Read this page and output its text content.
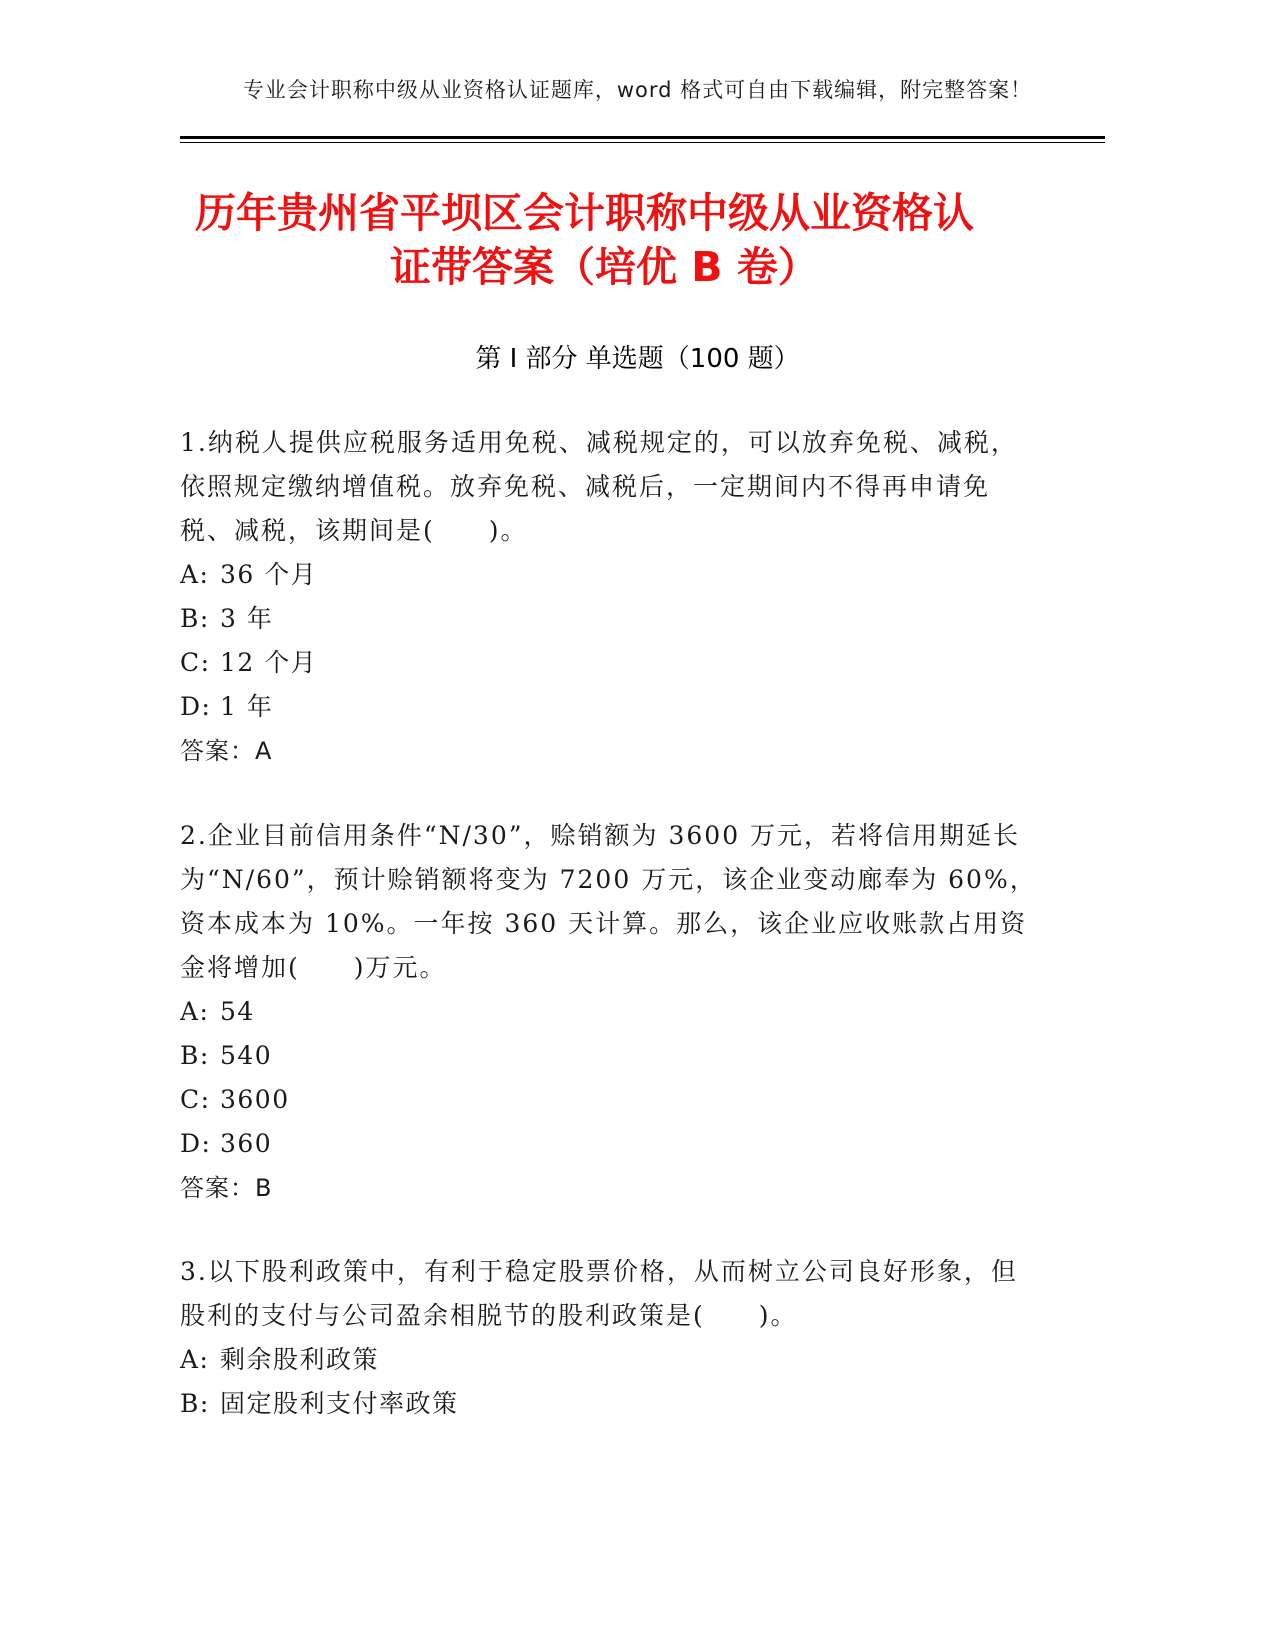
专业会计职称中级从业资格认证题库，word 格式可自由下载编辑，附完整答案！
历年贵州省平坝区会计职称中级从业资格认
证带答案（培优 B 卷）
第 I 部分 单选题（100 题）

1.纳税人提供应税服务适用免税、减税规定的，可以放弃免税、减税，依照规定缴纳增值税。放弃免税、减税后，一定期间内不得再申请免税、减税，该期间是(　　)。

A: 36 个月

B: 3 年

C: 12 个月

D: 1 年

答案：A

2.企业目前信用条件“N/30”，赊销额为 3600 万元，若将信用期延长为“N/60”，预计赊销额将变为 7200 万元，该企业变动廊奉为 60%，资本成本为 10%。一年按 360 天计算。那么，该企业应收账款占用资金将增加(　　)万元。

A: 54

B: 540

C: 3600

D: 360

答案：B

3.以下股利政策中，有利于稳定股票价格，从而树立公司良好形象，但股利的支付与公司盈余相脱节的股利政策是(　　)。

A: 剩余股利政策

B: 固定股利支付率政策
